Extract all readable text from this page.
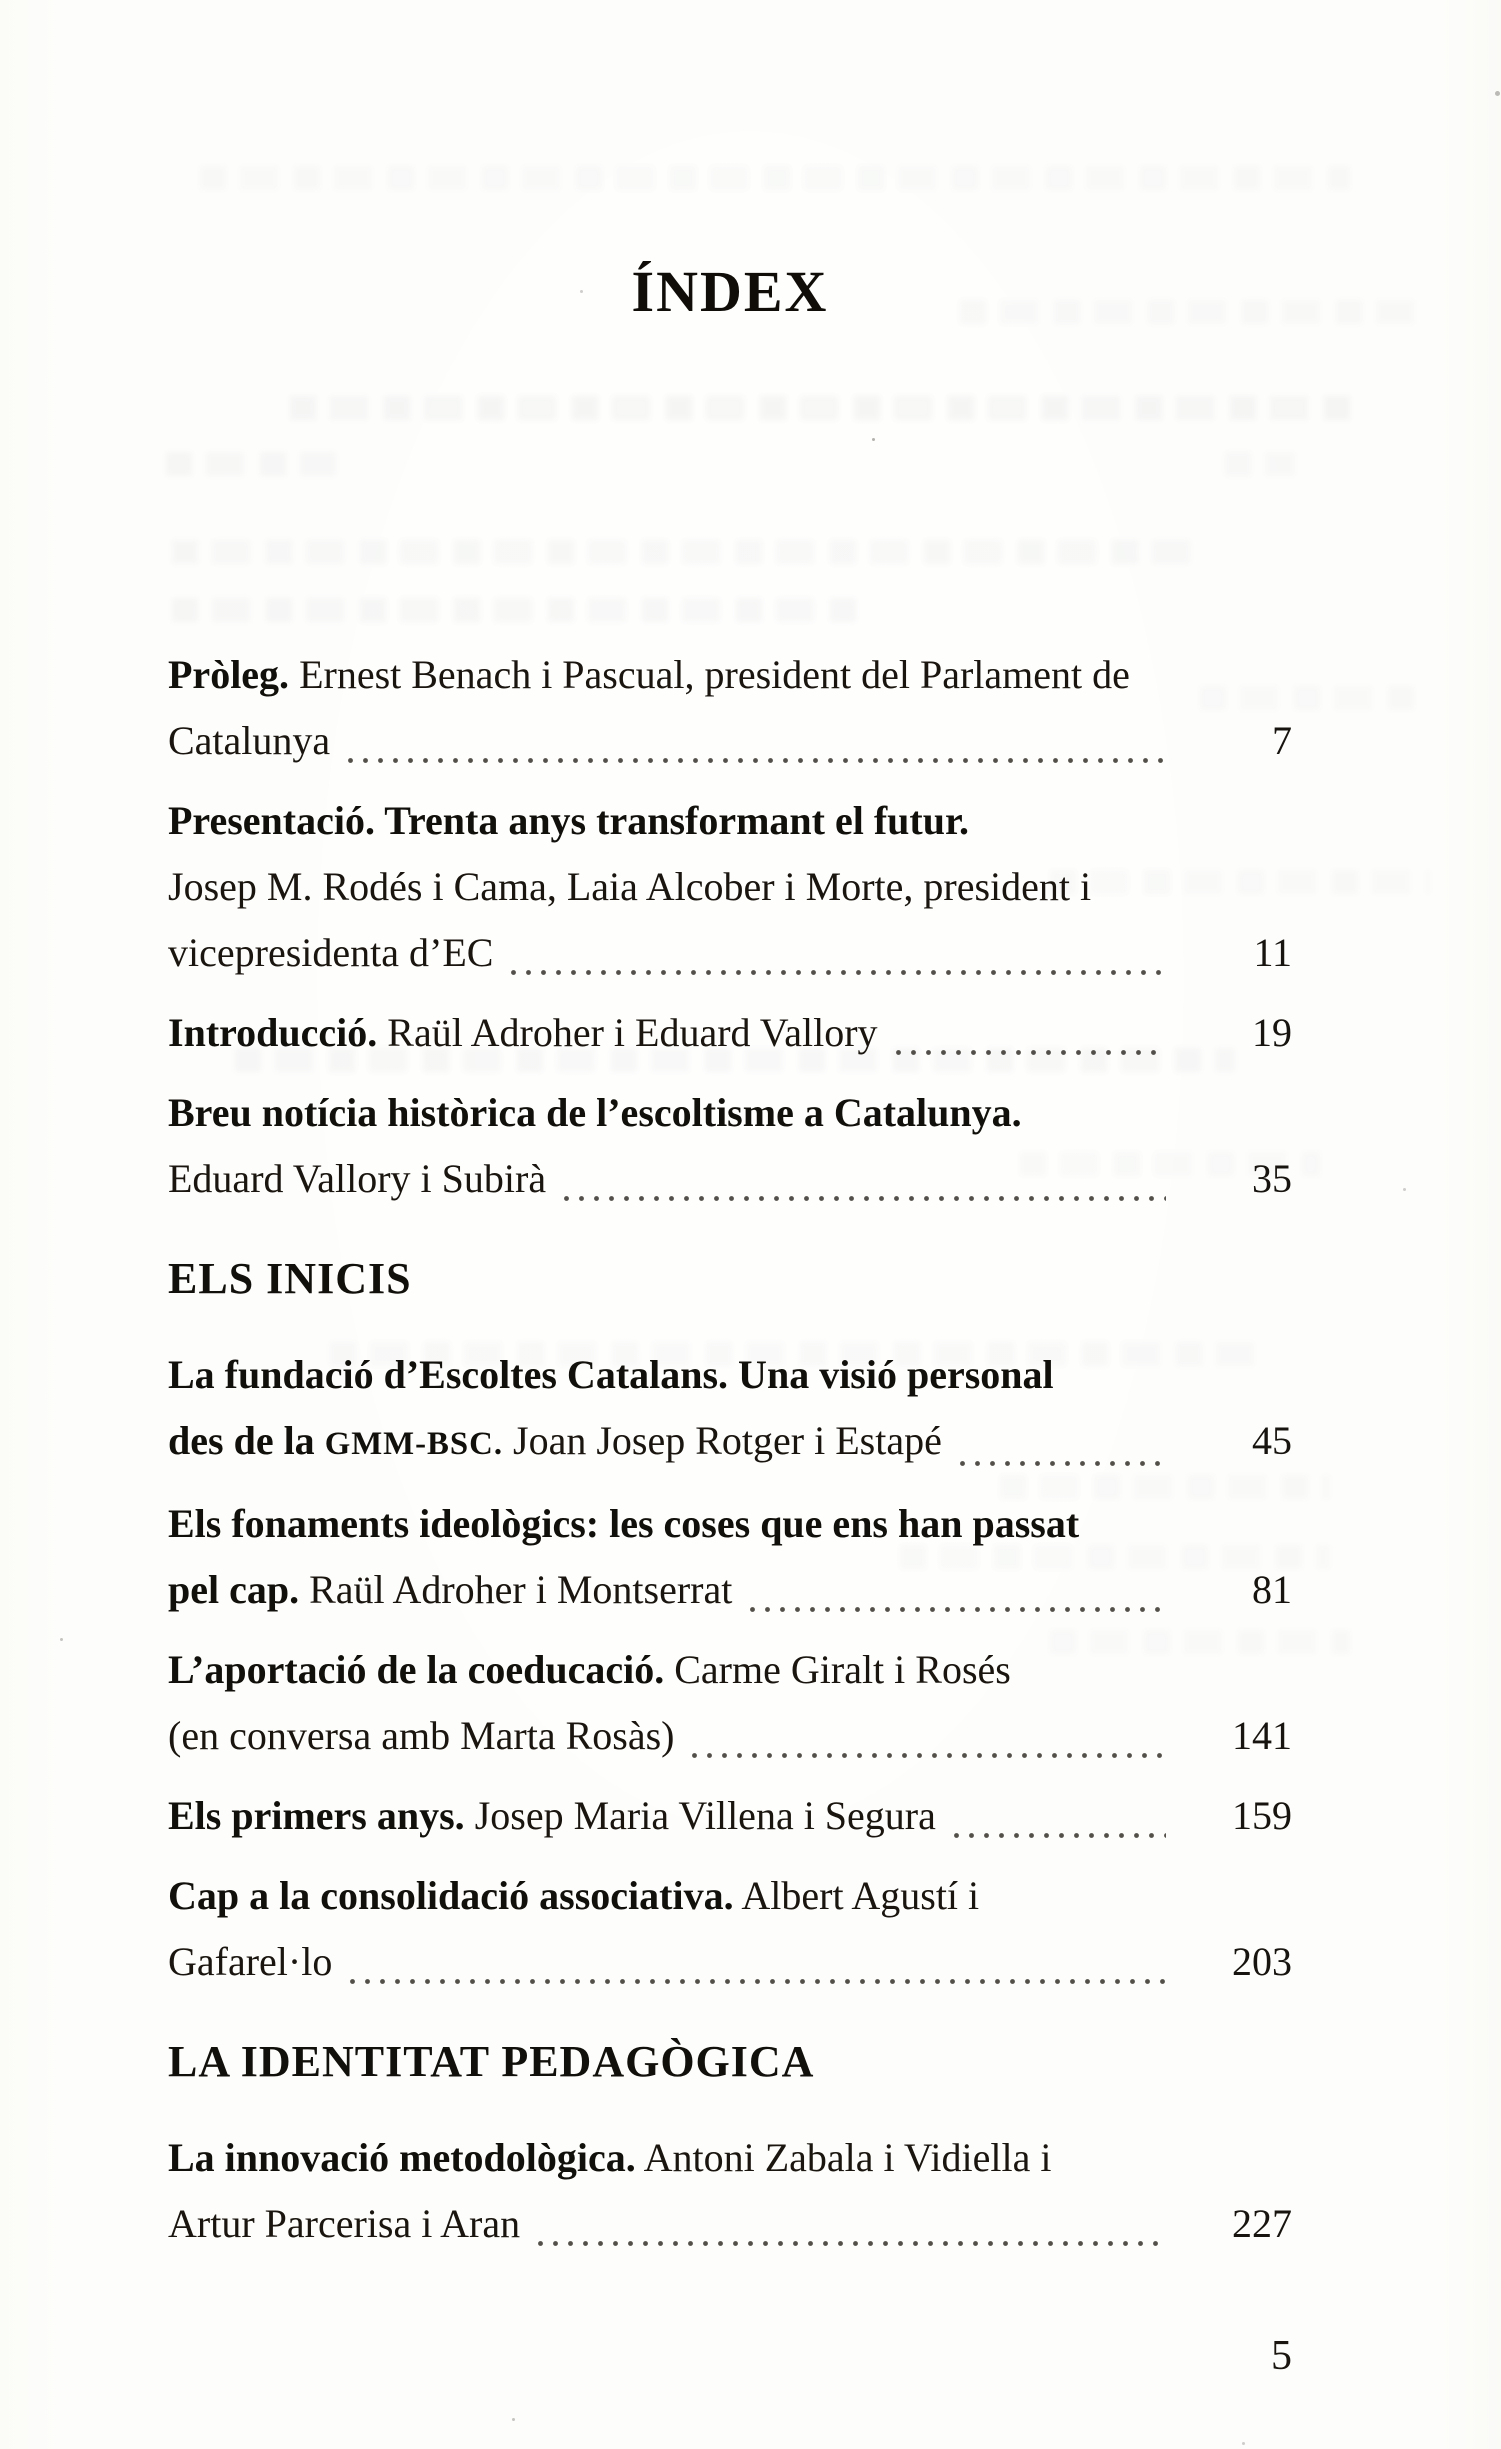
ÍNDEX
Pròleg. Ernest Benach i Pascual, president del Parlament de
Catalunya	7
Presentació. Trenta anys transformant el futur.
Josep M. Rodés i Cama, Laia Alcober i Morte, president i
vicepresidenta d’EC	11
Introducció. Raül Adroher i Eduard Vallory	19
Breu notícia històrica de l’escoltisme a Catalunya.
Eduard Vallory i Subirà	35
ELS INICIS
La fundació d’Escoltes Catalans. Una visió personal
des de la GMM-BSC. Joan Josep Rotger i Estapé	45
Els fonaments ideològics: les coses que ens han passat
pel cap. Raül Adroher i Montserrat	81
L’aportació de la coeducació. Carme Giralt i Rosés
(en conversa amb Marta Rosàs)	141
Els primers anys. Josep Maria Villena i Segura	159
Cap a la consolidació associativa. Albert Agustí i
Gafarel·lo	203
LA IDENTITAT PEDAGÒGICA
La innovació metodològica. Antoni Zabala i Vidiella i
Artur Parcerisa i Aran	227
5
